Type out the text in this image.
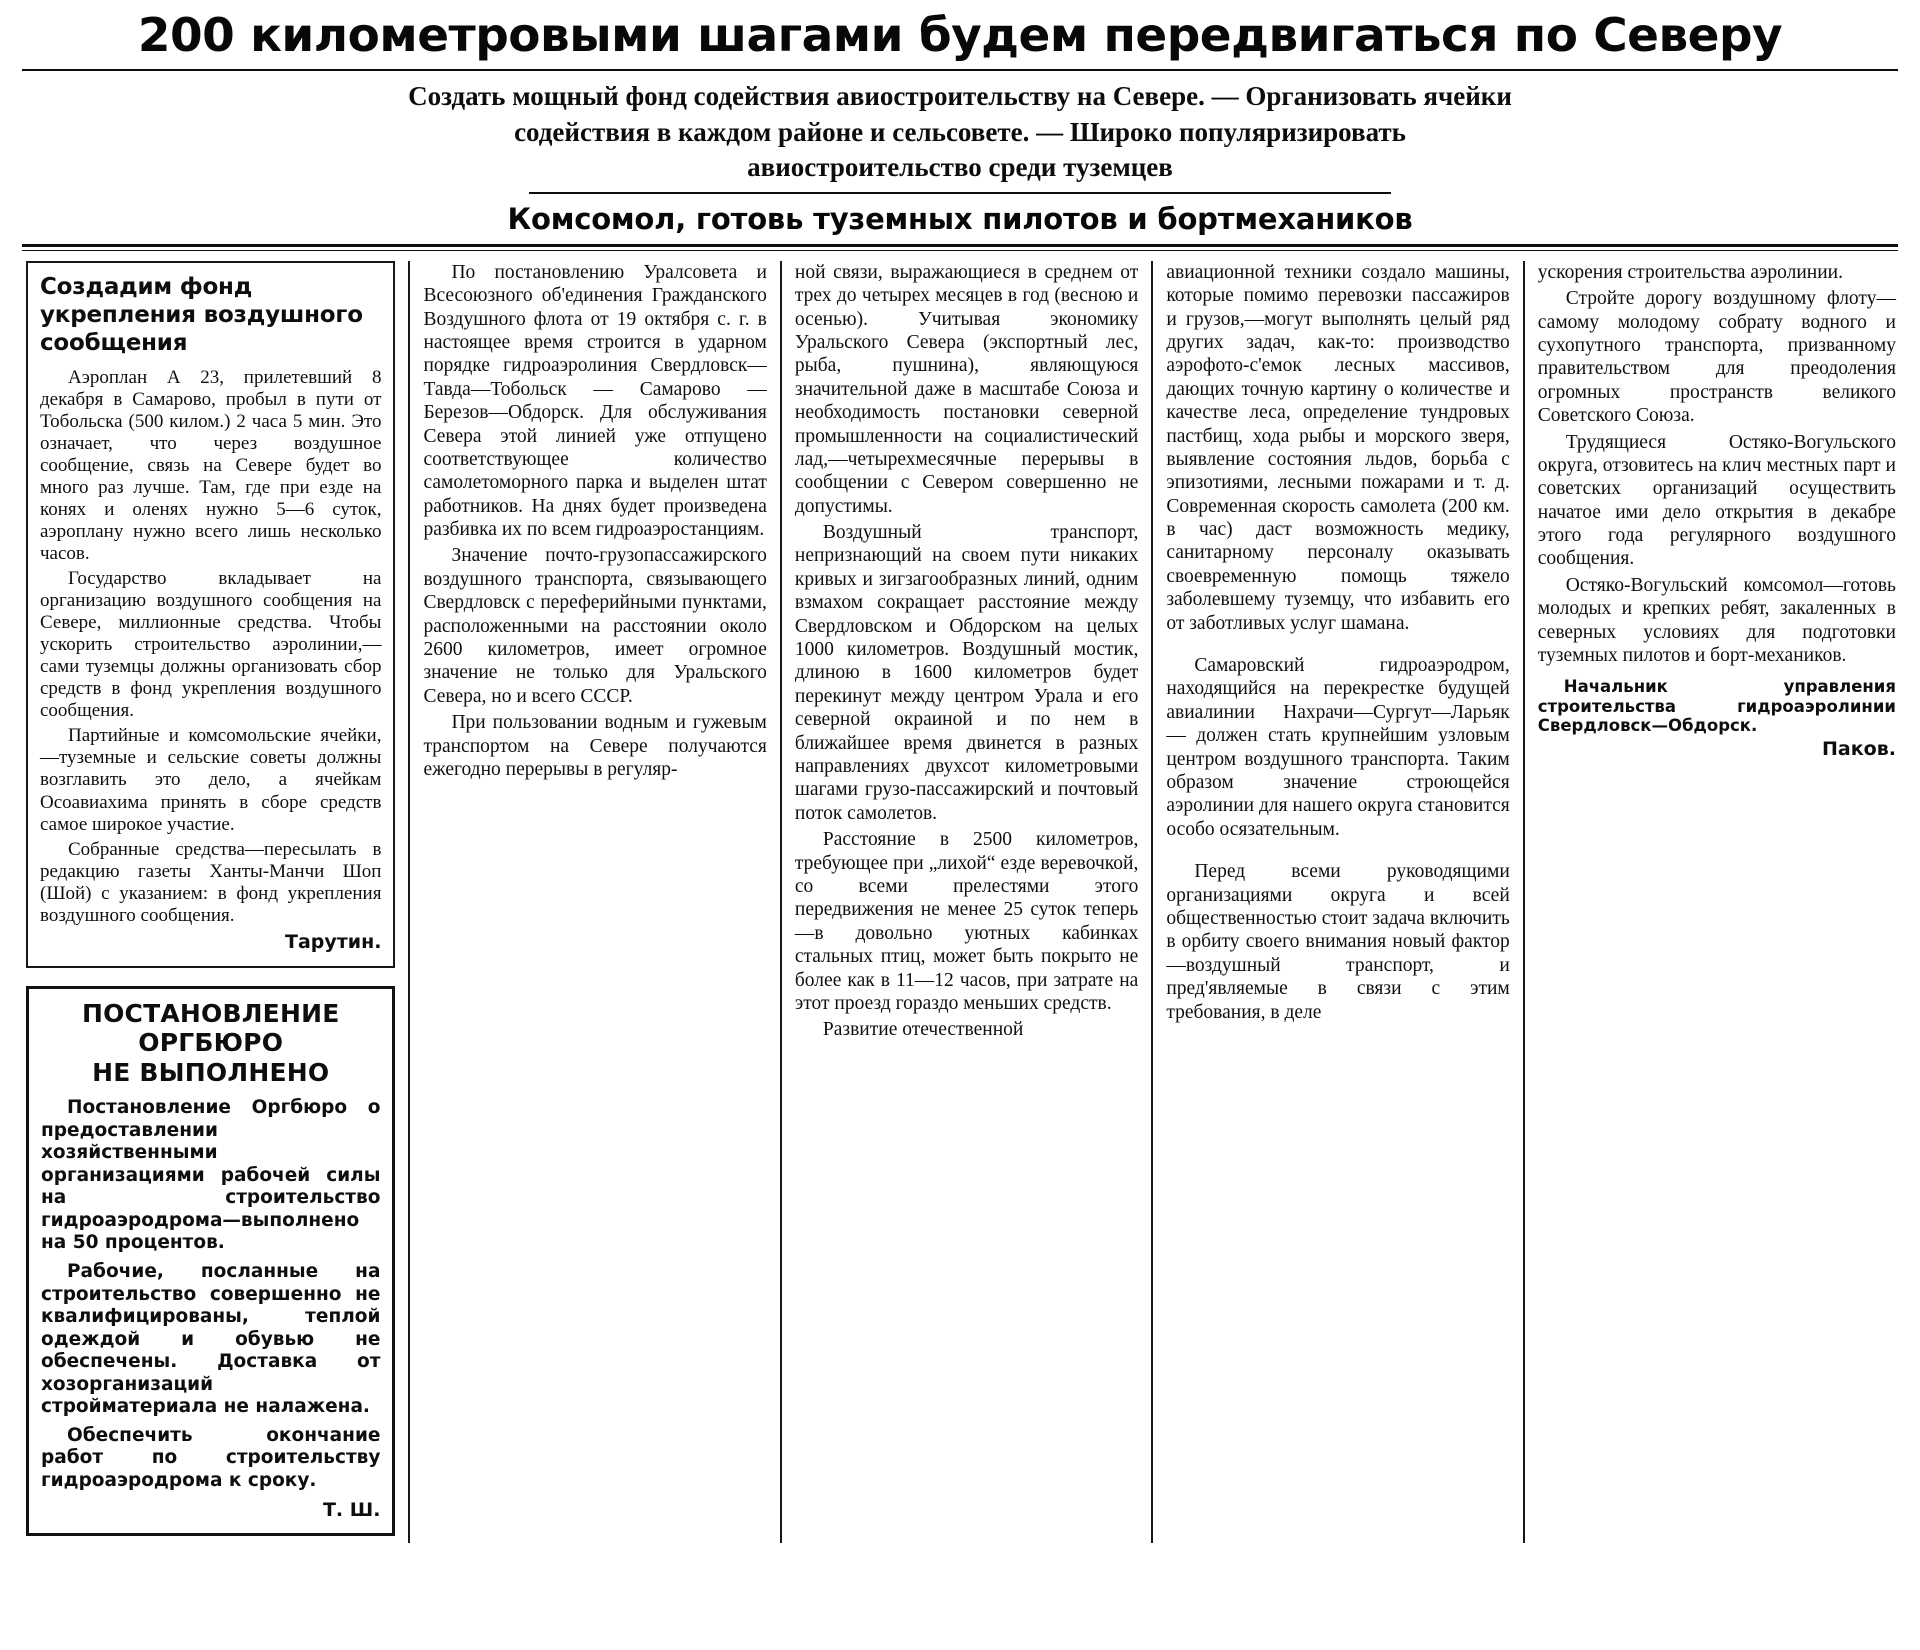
200 километровыми шагами будем передвигаться по Северу
Создать мощный фонд содействия авиостроительству на Севере. — Организовать ячейки
содействия в каждом районе и сельсовете. — Широко популяризировать
авиостроительство среди туземцев
Комсомол, готовь туземных пилотов и бортмехаников
Создадим фонд укрепления воздушного сообщения

Аэроплан А 23, прилетевший 8 декабря в Самарово, пробыл в пути от Тобольска (500 килом.) 2 часа 5 мин. Это означает, что через воздушное сообщение, связь на Севере будет во много раз лучше. Там, где при езде на конях и оленях нужно 5—6 суток, аэроплану нужно всего лишь несколько часов.

Государство вкладывает на организацию воздушного сообщения на Севере, миллионные средства. Чтобы ускорить строительство аэролинии,—сами туземцы должны организовать сбор средств в фонд укрепления воздушного сообщения.

Партийные и комсомольские ячейки,—туземные и сельские советы должны возглавить это дело, а ячейкам Осоавиахима принять в сборе средств самое широкое участие.

Собранные средства—пересылать в редакцию газеты Ханты-Манчи Шоп (Шой) с указанием: в фонд укрепления воздушного сообщения.

Тарутин.
ПОСТАНОВЛЕНИЕ ОРГБЮРО
НЕ ВЫПОЛНЕНО

Постановление Оргбюро о предоставлении хозяйственными организациями рабочей силы на строительство гидроаэродрома—выполнено на 50 процентов.

Рабочие, посланные на строительство совершенно не квалифицированы, теплой одеждой и обувью не обеспечены. Доставка от хозорганизаций стройматериала не налажена.

Обеспечить окончание работ по строительству гидроаэродрома к сроку.

Т. Ш.

По постановлению Уралсовета и Всесоюзного об'единения Гражданского Воздушного флота от 19 октября с. г. в настоящее время строится в ударном порядке гидроаэролиния Свердловск—Тавда—Тобольск — Самарово — Березов—Обдорск. Для обслуживания Севера этой линией уже отпущено соответствующее количество самолетоморного парка и выделен штат работников. На днях будет произведена разбивка их по всем гидроаэростанциям.

Значение почто-грузопассажирского воздушного транспорта, связывающего Свердловск с переферийными пунктами, расположенными на расстоянии около 2600 километров, имеет огромное значение не только для Уральского Севера, но и всего СССР.

При пользовании водным и гужевым транспортом на Севере получаются ежегодно перерывы в регуляр-

ной связи, выражающиеся в среднем от трех до четырех месяцев в год (весною и осенью). Учитывая экономику Уральского Севера (экспортный лес, рыба, пушнина), являющуюся значительной даже в масштабе Союза и необходимость постановки северной промышленности на социалистический лад,—четырехмесячные перерывы в сообщении с Севером совершенно не допустимы.

Воздушный транспорт, непризнающий на своем пути никаких кривых и зигзагообразных линий, одним взмахом сокращает расстояние между Свердловском и Обдорском на целых 1000 километров. Воздушный мостик, длиною в 1600 километров будет перекинут между центром Урала и его северной окраиной и по нем в ближайшее время двинется в разных направлениях двухсот километровыми шагами грузо-пассажирский и почтовый поток самолетов.

Расстояние в 2500 километров, требующее при „лихой“ езде веревочкой, со всеми прелестями этого передвижения не менее 25 суток теперь—в довольно уютных кабинках стальных птиц, может быть покрыто не более как в 11—12 часов, при затрате на этот проезд гораздо меньших средств.

Развитие отечественной

авиационной техники создало машины, которые помимо перевозки пассажиров и грузов,—могут выполнять целый ряд других задач, как-то: производство аэрофото-с'емок лесных массивов, дающих точную картину о количестве и качестве леса, определение тундровых пастбищ, хода рыбы и морского зверя, выявление состояния льдов, борьба с эпизотиями, лесными пожарами и т. д. Современная скорость самолета (200 км. в час) даст возможность медику, санитарному персоналу оказывать своевременную помощь тяжело заболевшему туземцу, что избавить его от заботливых услуг шамана.

Самаровский гидроаэродром, находящийся на перекрестке будущей авиалинии Нахрачи—Сургут—Ларьяк — должен стать крупнейшим узловым центром воздушного транспорта. Таким образом значение строющейся аэролинии для нашего округа становится особо осязательным.

Перед всеми руководящими организациями округа и всей общественностью стоит задача включить в орбиту своего внимания новый фактор—воздушный транспорт, и пред'являемые в связи с этим требования, в деле

ускорения строительства аэролинии.

Стройте дорогу воздушному флоту—самому молодому собрату водного и сухопутного транспорта, призванному правительством для преодоления огромных пространств великого Советского Союза.

Трудящиеся Остяко-Вогульского округа, отзовитесь на клич местных парт и советских организаций осуществить начатое ими дело открытия в декабре этого года регулярного воздушного сообщения.

Остяко-Вогульский комсомол—готовь молодых и крепких ребят, закаленных в северных условиях для подготовки туземных пилотов и борт-механиков.

Начальник управления строительства гидроаэролинии Свердловск—Обдорск.
Паков.
